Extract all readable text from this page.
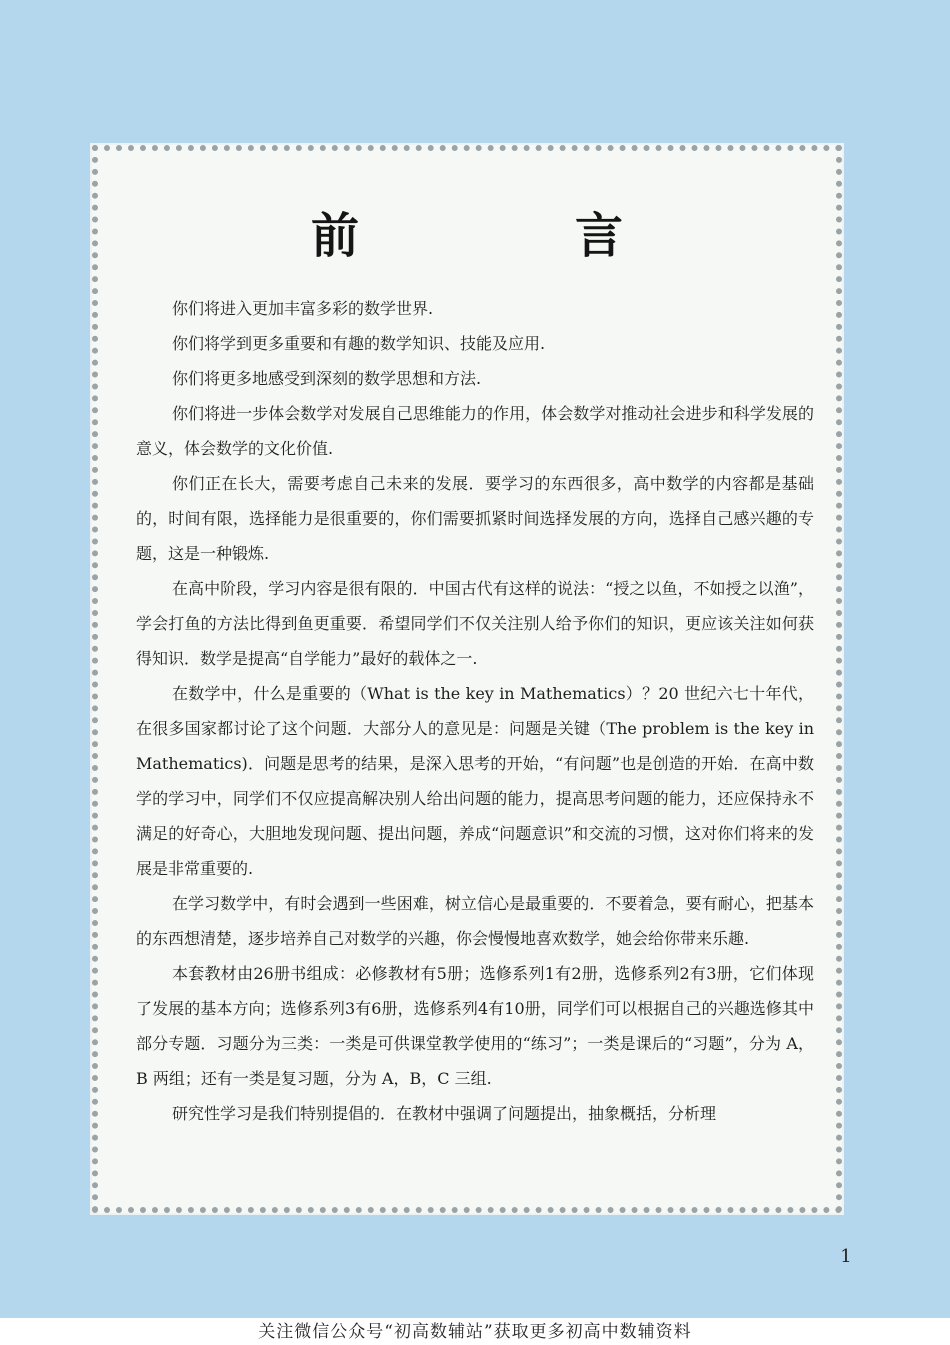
前　言

你们将进入更加丰富多彩的数学世界.

你们将学到更多重要和有趣的数学知识、技能及应用.

你们将更多地感受到深刻的数学思想和方法.

你们将进一步体会数学对发展自己思维能力的作用，体会数学对推动社会进步和科学发展的意义，体会数学的文化价值.

你们正在长大，需要考虑自己未来的发展．要学习的东西很多，高中数学的内容都是基础的，时间有限，选择能力是很重要的，你们需要抓紧时间选择发展的方向，选择自己感兴趣的专题，这是一种锻炼.

在高中阶段，学习内容是很有限的．中国古代有这样的说法：“授之以鱼，不如授之以渔”，学会打鱼的方法比得到鱼更重要．希望同学们不仅关注别人给予你们的知识，更应该关注如何获得知识．数学是提高“自学能力”最好的载体之一.

在数学中，什么是重要的（What is the key in Mathematics）？20 世纪六七十年代，在很多国家都讨论了这个问题．大部分人的意见是：问题是关键（The problem is the key in Mathematics)．问题是思考的结果，是深入思考的开始，“有问题”也是创造的开始．在高中数学的学习中，同学们不仅应提高解决别人给出问题的能力，提高思考问题的能力，还应保持永不满足的好奇心，大胆地发现问题、提出问题，养成“问题意识”和交流的习惯，这对你们将来的发展是非常重要的.

在学习数学中，有时会遇到一些困难，树立信心是最重要的．不要着急，要有耐心，把基本的东西想清楚，逐步培养自己对数学的兴趣，你会慢慢地喜欢数学，她会给你带来乐趣.

本套教材由26册书组成：必修教材有5册；选修系列1有2册，选修系列2有3册，它们体现了发展的基本方向；选修系列3有6册，选修系列4有10册，同学们可以根据自己的兴趣选修其中部分专题．习题分为三类：一类是可供课堂教学使用的“练习”；一类是课后的“习题”，分为 A，B 两组；还有一类是复习题，分为 A，B，C 三组.

研究性学习是我们特别提倡的．在教材中强调了问题提出，抽象概括，分析理

1
关注微信公众号“初高数辅站”获取更多初高中数辅资料
